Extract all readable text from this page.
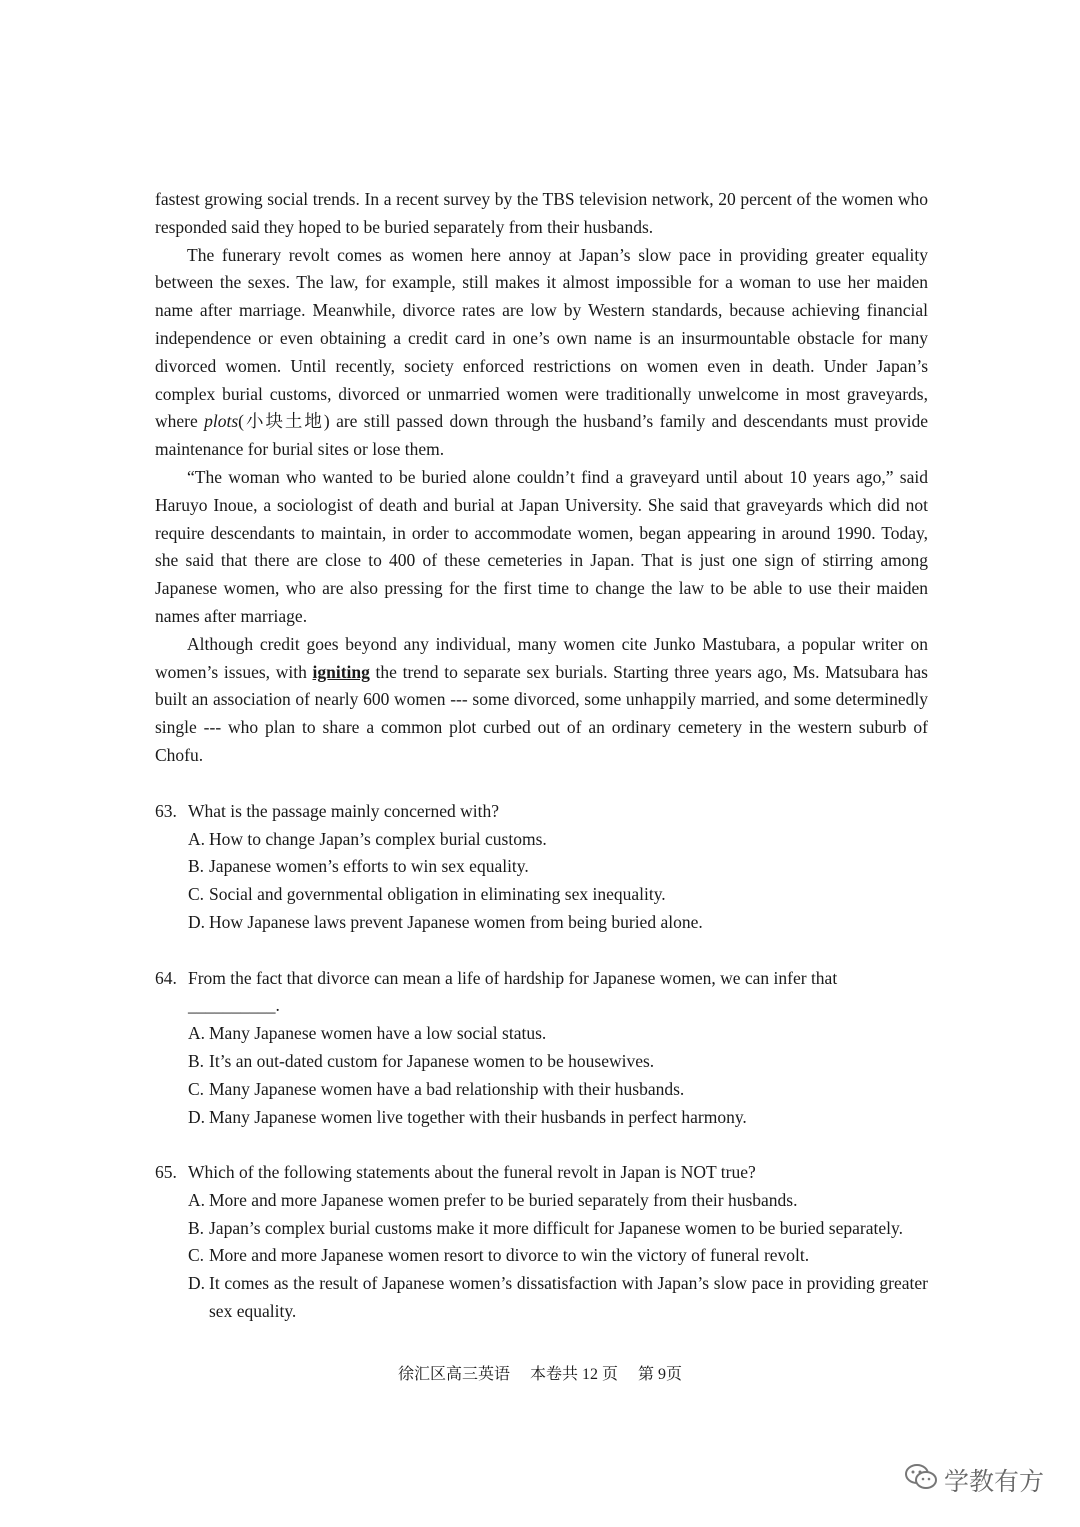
fastest growing social trends. In a recent survey by the TBS television network, 20 percent of the women who responded said they hoped to be buried separately from their husbands.

The funerary revolt comes as women here annoy at Japan’s slow pace in providing greater equality between the sexes. The law, for example, still makes it almost impossible for a woman to use her maiden name after marriage. Meanwhile, divorce rates are low by Western standards, because achieving financial independence or even obtaining a credit card in one’s own name is an insurmountable obstacle for many divorced women. Until recently, society enforced restrictions on women even in death. Under Japan’s complex burial customs, divorced or unmarried women were traditionally unwelcome in most graveyards, where plots(小块土地) are still passed down through the husband’s family and descendants must provide maintenance for burial sites or lose them.

“The woman who wanted to be buried alone couldn’t find a graveyard until about 10 years ago,” said Haruyo Inoue, a sociologist of death and burial at Japan University. She said that graveyards which did not require descendants to maintain, in order to accommodate women, began appearing in around 1990. Today, she said that there are close to 400 of these cemeteries in Japan. That is just one sign of stirring among Japanese women, who are also pressing for the first time to change the law to be able to use their maiden names after marriage.

Although credit goes beyond any individual, many women cite Junko Mastubara, a popular writer on women’s issues, with igniting the trend to separate sex burials. Starting three years ago, Ms. Matsubara has built an association of nearly 600 women --- some divorced, some unhappily married, and some determinedly single --- who plan to share a common plot curbed out of an ordinary cemetery in the western suburb of Chofu.

63. What is the passage mainly concerned with?
A. How to change Japan’s complex burial customs.
B. Japanese women’s efforts to win sex equality.
C. Social and governmental obligation in eliminating sex inequality.
D. How Japanese laws prevent Japanese women from being buried alone.
64. From the fact that divorce can mean a life of hardship for Japanese women, we can infer that
__________.
A. Many Japanese women have a low social status.
B. It’s an out-dated custom for Japanese women to be housewives.
C. Many Japanese women have a bad relationship with their husbands.
D. Many Japanese women live together with their husbands in perfect harmony.
65. Which of the following statements about the funeral revolt in Japan is NOT true?
A. More and more Japanese women prefer to be buried separately from their husbands.
B. Japan’s complex burial customs make it more difficult for Japanese women to be buried separately.
C. More and more Japanese women resort to divorce to win the victory of funeral revolt.
D. It comes as the result of Japanese women’s dissatisfaction with Japan’s slow pace in providing greater sex equality.
徐汇区高三英语 本卷共 12 页 第 9页
学教有方
